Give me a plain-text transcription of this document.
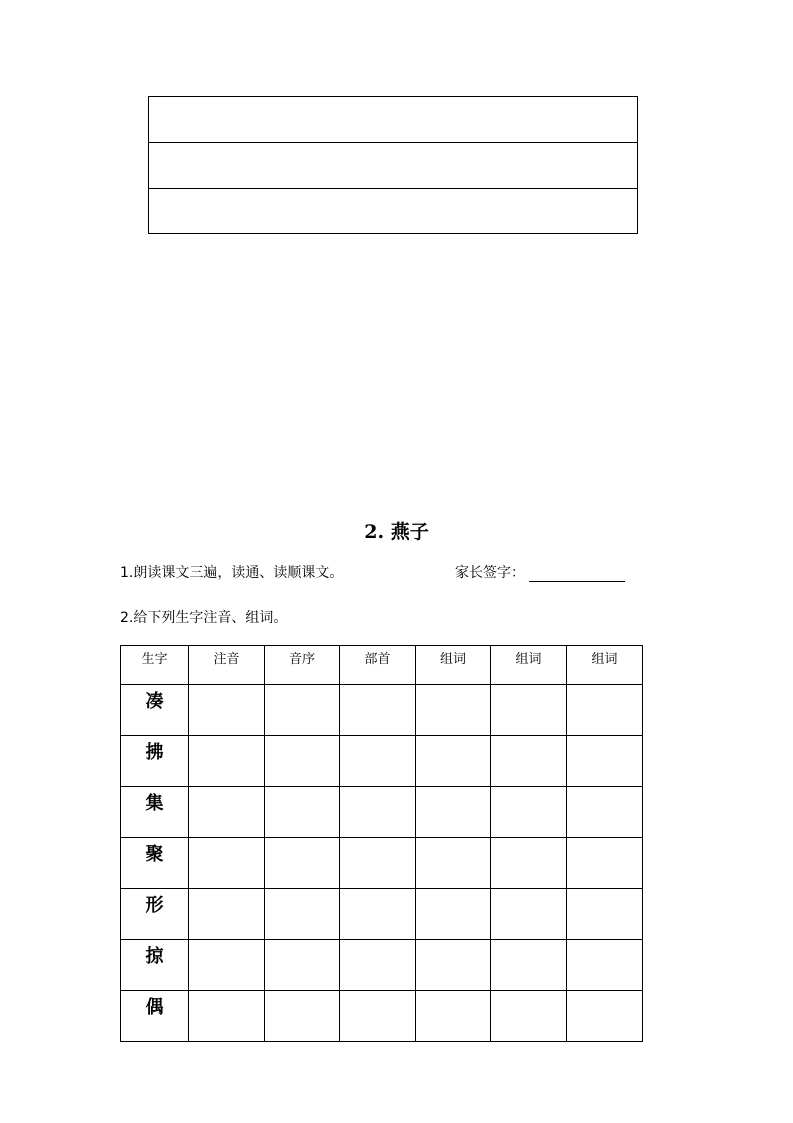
2. 燕子
1.朗读课文三遍，读通、读顺课文。	家长签字：
2.给下列生字注音、组词。
生字	注音	音序	部首	组词	组词	组词
凑						
拂						
集						
聚						
形						
掠						
偶						
